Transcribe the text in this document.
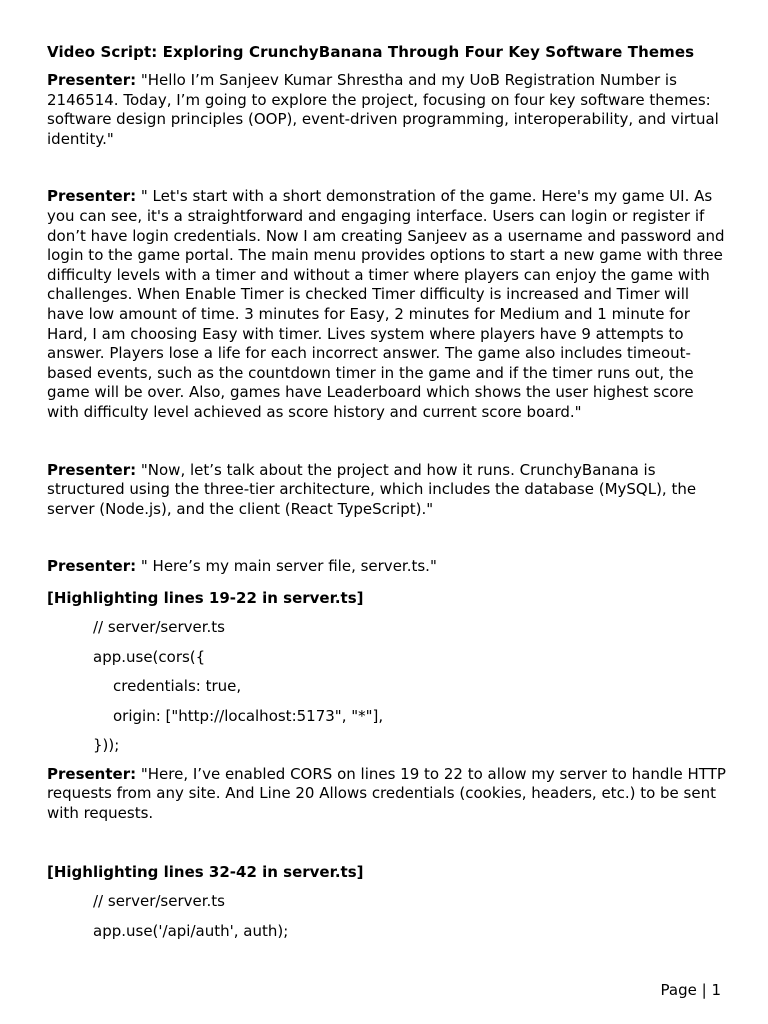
Video Script: Exploring CrunchyBanana Through Four Key Software Themes

Presenter: "Hello I’m Sanjeev Kumar Shrestha and my UoB Registration Number is 2146514. Today, I’m going to explore the project, focusing on four key software themes: software design principles (OOP), event-driven programming, interoperability, and virtual identity."

Presenter: " Let's start with a short demonstration of the game. Here's my game UI. As you can see, it's a straightforward and engaging interface. Users can login or register if don’t have login credentials. Now I am creating Sanjeev as a username and password and login to the game portal. The main menu provides options to start a new game with three difficulty levels with a timer and without a timer where players can enjoy the game with challenges. When Enable Timer is checked Timer difficulty is increased and Timer will have low amount of time. 3 minutes for Easy, 2 minutes for Medium and 1 minute for Hard, I am choosing Easy with timer. Lives system where players have 9 attempts to answer. Players lose a life for each incorrect answer. The game also includes timeout-based events, such as the countdown timer in the game and if the timer runs out, the game will be over. Also, games have Leaderboard which shows the user highest score with difficulty level achieved as score history and current score board."

Presenter: "Now, let’s talk about the project and how it runs. CrunchyBanana is structured using the three-tier architecture, which includes the database (MySQL), the server (Node.js), and the client (React TypeScript)."

Presenter: " Here’s my main server file, server.ts."

[Highlighting lines 19-22 in server.ts]

// server/server.ts

app.use(cors({

credentials: true,

origin: ["http://localhost:5173", "*"],

}));

Presenter: "Here, I’ve enabled CORS on lines 19 to 22 to allow my server to handle HTTP requests from any site. And Line 20 Allows credentials (cookies, headers, etc.) to be sent with requests.

[Highlighting lines 32-42 in server.ts]

// server/server.ts

app.use('/api/auth', auth);

Page | 1
